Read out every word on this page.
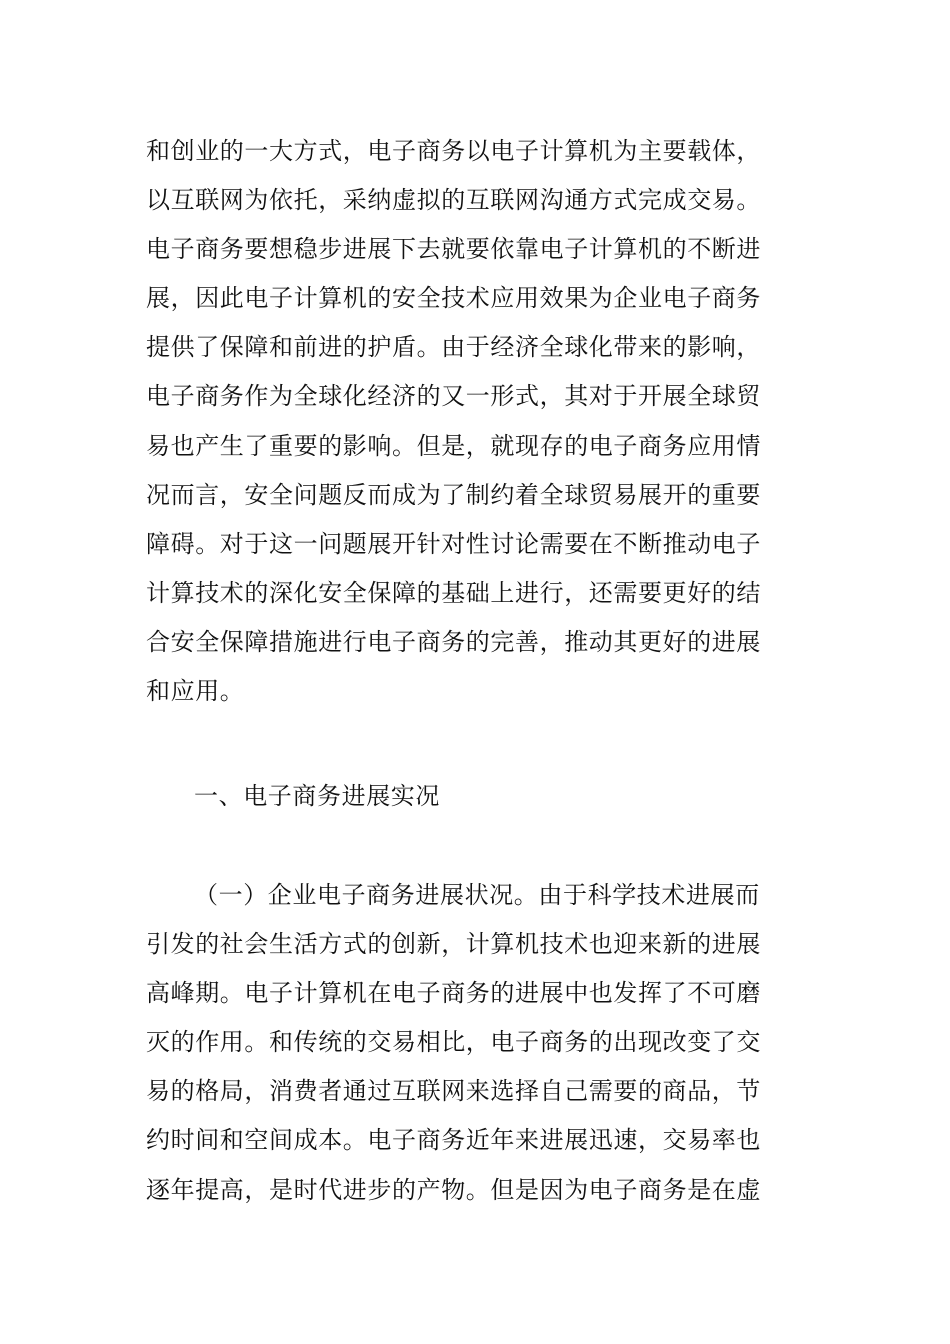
和创业的一大方式，电子商务以电子计算机为主要载体，
以互联网为依托，采纳虚拟的互联网沟通方式完成交易。
电子商务要想稳步进展下去就要依靠电子计算机的不断进
展，因此电子计算机的安全技术应用效果为企业电子商务
提供了保障和前进的护盾。由于经济全球化带来的影响，
电子商务作为全球化经济的又一形式，其对于开展全球贸
易也产生了重要的影响。但是，就现存的电子商务应用情
况而言，安全问题反而成为了制约着全球贸易展开的重要
障碍。对于这一问题展开针对性讨论需要在不断推动电子
计算技术的深化安全保障的基础上进行，还需要更好的结
合安全保障措施进行电子商务的完善，推动其更好的进展
和应用。
一、电子商务进展实况
（一）企业电子商务进展状况。由于科学技术进展而
引发的社会生活方式的创新，计算机技术也迎来新的进展
高峰期。电子计算机在电子商务的进展中也发挥了不可磨
灭的作用。和传统的交易相比，电子商务的出现改变了交
易的格局，消费者通过互联网来选择自己需要的商品，节
约时间和空间成本。电子商务近年来进展迅速，交易率也
逐年提高，是时代进步的产物。但是因为电子商务是在虚
